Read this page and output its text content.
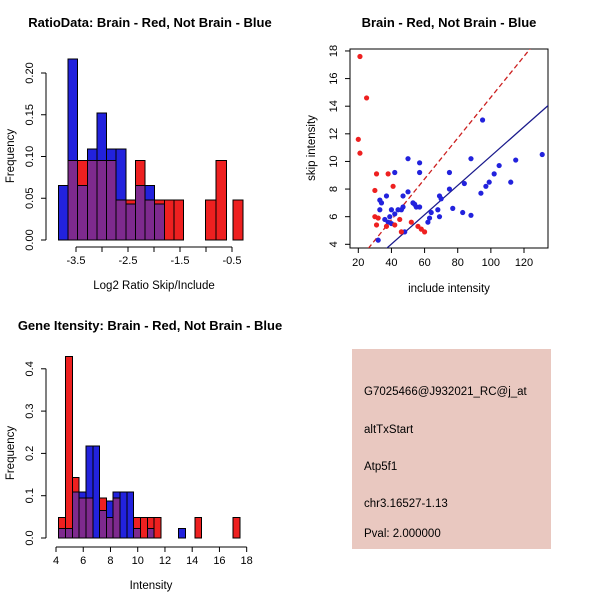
RatioData: Brain - Red, Not Brain - Blue
Log2 Ratio Skip/Include
Frequency
Brain - Red, Not Brain - Blue
include intensity
skip intensity
Gene Itensity: Brain - Red, Not Brain - Blue
Intensity
Frequency
0.00
0.05
0.10
0.15
0.20
-3.5	-2.5	-1.5	-0.5
0.0
0.1
0.2
0.3
0.4
4 6 8 10 12 14 16 18
20 40 60 80 100 120
4
6
8
10
12
14
16
18
G7025466@J932021_RC@j_at
altTxStart
Atp5f1
chr3.16527-1.13
Pval: 2.000000
